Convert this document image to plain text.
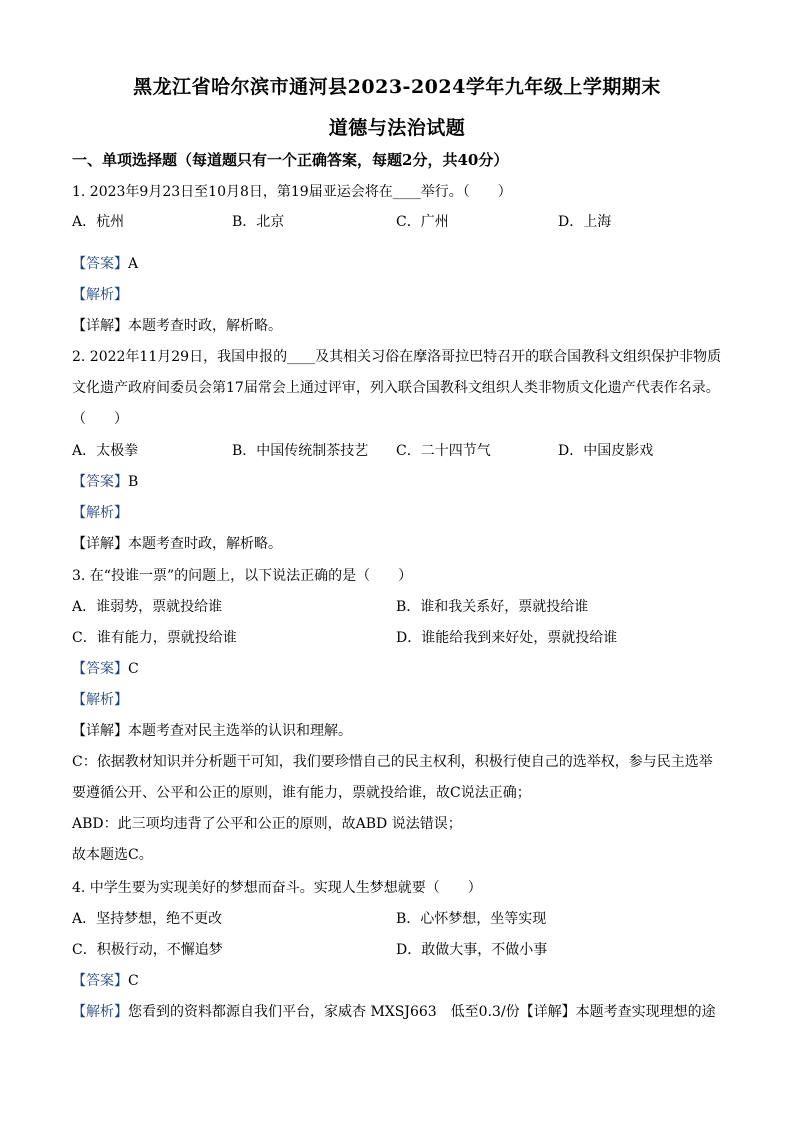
黑龙江省哈尔滨市通河县2023-2024学年九年级上学期期末
道德与法治试题
一、单项选择题（每道题只有一个正确答案，每题2分，共40分）
1. 2023年9月23日至10月8日，第19届亚运会将在____举行。（　　）
A．杭州	B．北京	C．广州	D．上海
【答案】A
【解析】
【详解】本题考查时政，解析略。
2. 2022年11月29日，我国申报的____及其相关习俗在摩洛哥拉巴特召开的联合国教科文组织保护非物质
文化遗产政府间委员会第17届常会上通过评审，列入联合国教科文组织人类非物质文化遗产代表作名录。
（　　）
A．太极拳	B．中国传统制茶技艺 C．二十四节气	D．中国皮影戏
【答案】B
【解析】
【详解】本题考查时政，解析略。
3. 在“投谁一票”的问题上，以下说法正确的是（　　）
A．谁弱势，票就投给谁	B．谁和我关系好，票就投给谁
C．谁有能力，票就投给谁	D．谁能给我到来好处，票就投给谁
【答案】C
【解析】
【详解】本题考查对民主选举的认识和理解。
C：依据教材知识并分析题干可知，我们要珍惜自己的民主权利，积极行使自己的选举权，参与民主选举
要遵循公开、公平和公正的原则，谁有能力，票就投给谁，故C说法正确；
ABD：此三项均违背了公平和公正的原则，故ABD 说法错误；
故本题选C。
4. 中学生要为实现美好的梦想而奋斗。实现人生梦想就要（　　）
A．坚持梦想，绝不更改	B．心怀梦想，坐等实现
C．积极行动，不懈追梦	D．敢做大事，不做小事
【答案】C
【解析】您看到的资料都源自我们平台，家威杏 MXSJ663　低至0.3/份【详解】本题考查实现理想的途
